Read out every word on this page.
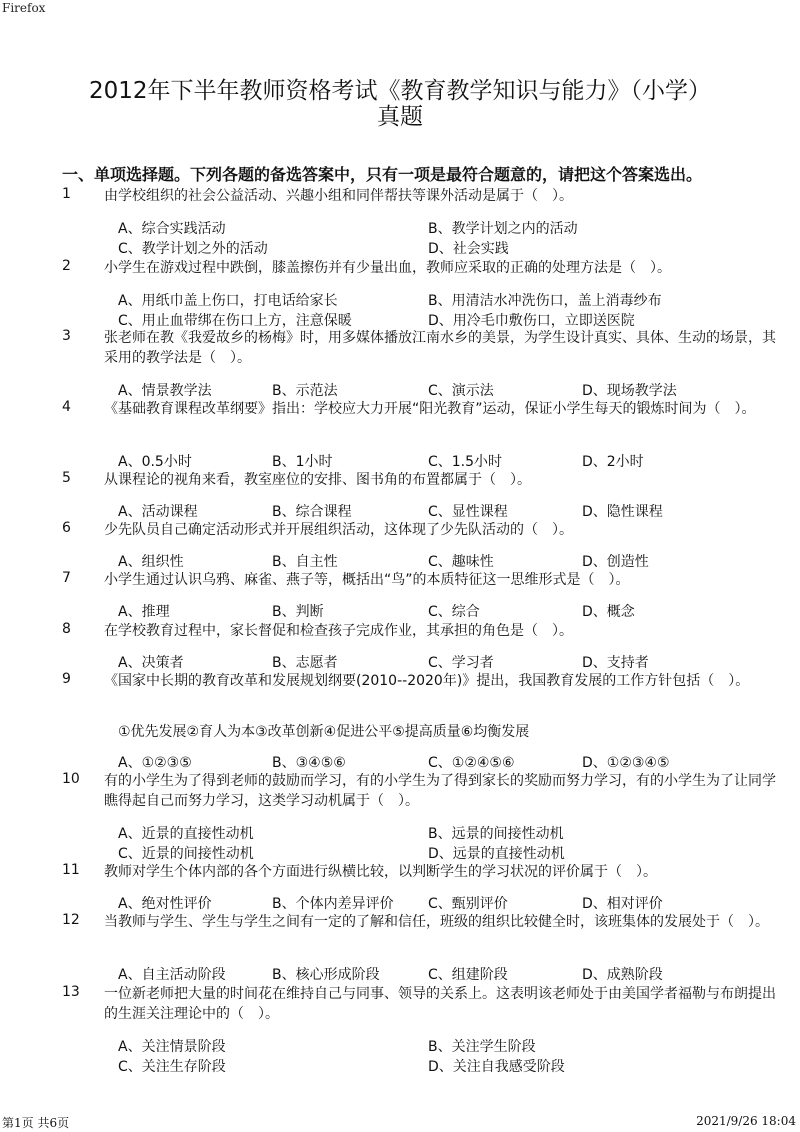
Firefox
2012年下半年教师资格考试《教育教学知识与能力》（小学）
真题
一、单项选择题。下列各题的备选答案中，只有一项是最符合题意的，请把这个答案选出。
1	由学校组织的社会公益活动、兴趣小组和同伴帮扶等课外活动是属于（　）。
A、综合实践活动	B、教学计划之内的活动
C、教学计划之外的活动	D、社会实践
2	小学生在游戏过程中跌倒，膝盖擦伤并有少量出血，教师应采取的正确的处理方法是（　）。
A、用纸巾盖上伤口，打电话给家长	B、用清洁水冲洗伤口，盖上消毒纱布
C、用止血带绑在伤口上方，注意保暖	D、用冷毛巾敷伤口，立即送医院
3	张老师在教《我爱故乡的杨梅》时，用多媒体播放江南水乡的美景，为学生设计真实、具体、生动的场景，其采用的教学法是（　）。
A、情景教学法	B、示范法	C、演示法	D、现场教学法
4	《基础教育课程改革纲要》指出：学校应大力开展“阳光教育”运动，保证小学生每天的锻炼时间为（　）。
A、0.5小时	B、1小时	C、1.5小时	D、2小时
5	从课程论的视角来看，教室座位的安排、图书角的布置都属于（　）。
A、活动课程	B、综合课程	C、显性课程	D、隐性课程
6	少先队员自己确定活动形式并开展组织活动，这体现了少先队活动的（　）。
A、组织性	B、自主性	C、趣味性	D、创造性
7	小学生通过认识乌鸦、麻雀、燕子等，概括出“鸟”的本质特征这一思维形式是（　）。
A、推理	B、判断	C、综合	D、概念
8	在学校教育过程中，家长督促和检查孩子完成作业，其承担的角色是（　）。
A、决策者	B、志愿者	C、学习者	D、支持者
9	《国家中长期的教育改革和发展规划纲要(2010--2020年)》提出，我国教育发展的工作方针包括（　）。
①优先发展②育人为本③改革创新④促进公平⑤提高质量⑥均衡发展
A、①②③⑤	B、③④⑤⑥	C、①②④⑤⑥	D、①②③④⑤
10	有的小学生为了得到老师的鼓励而学习，有的小学生为了得到家长的奖励而努力学习，有的小学生为了让同学瞧得起自己而努力学习，这类学习动机属于（　）。
A、近景的直接性动机	B、远景的间接性动机
C、近景的间接性动机	D、远景的直接性动机
11	教师对学生个体内部的各个方面进行纵横比较，以判断学生的学习状况的评价属于（　）。
A、绝对性评价	B、个体内差异评价 C、甄别评价	D、相对评价
12	当教师与学生、学生与学生之间有一定的了解和信任，班级的组织比较健全时，该班集体的发展处于（　）。
A、自主活动阶段	B、核心形成阶段	C、组建阶段	D、成熟阶段
13	一位新老师把大量的时间花在维持自己与同事、领导的关系上。这表明该老师处于由美国学者福勒与布朗提出的生涯关注理论中的（　）。
A、关注情景阶段	B、关注学生阶段
C、关注生存阶段	D、关注自我感受阶段
第1页 共6页	2021/9/26 18:04
